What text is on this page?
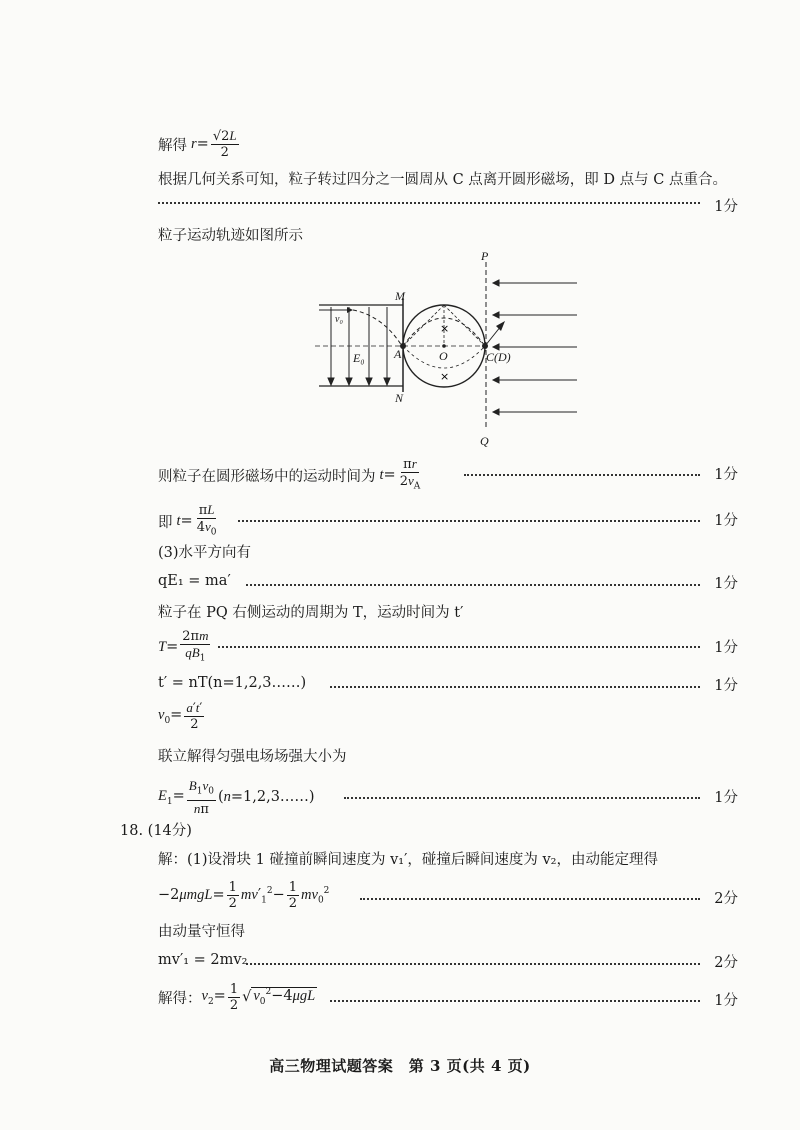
解得 $r= \frac{√2L}{2}$
根据几何关系可知，粒子转过四分之一圆周从 C 点离开圆形磁场，即 D 点与 C 点重合。
1分
粒子运动轨迹如图所示
×
×
P
Q
M
N
A	O	C(D)
E₀
v₀
则粒子在圆形磁场中的运动时间为 $t= \frac{\pi r}{2v_A}$	1分
即 $t= \frac{\pi L}{4v_0}$	1分
(3)水平方向有
qE₁ = ma′	1分
粒子在 PQ 右侧运动的周期为 T，运动时间为 t′
$T= \frac{2\pi m}{qB_1}$	1分
t′ = nT(n=1,2,3……)	1分
$v_0= \frac{a't'}{2}$
联立解得匀强电场场强大小为
$E_1= \frac{B_1v_0}{n\pi}$ (n=1,2,3……)	1分
18. (14分)
解：(1)设滑块 1 碰撞前瞬间速度为 v₁′，碰撞后瞬间速度为 v₂，由动能定理得
$-2\mu mgL= \frac{1}{2} mv'_1^2- \frac{1}{2} mv_0^2$
2分
由动量守恒得
mv′₁ = 2mv₂	2分
解得： $v_2= \frac{1}{2}$ √ $v_0^2-4\mu gL$	1分
高三物理试题答案　第 3 页(共 4 页)
